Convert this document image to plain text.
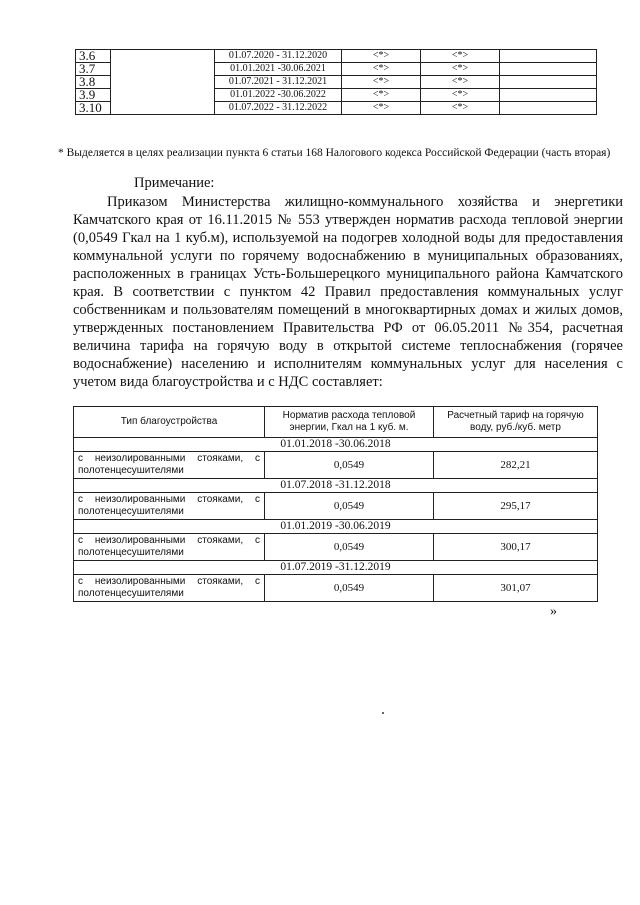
3.6		01.07.2020 - 31.12.2020	<*>	<*>	
3.7		01.01.2021 -30.06.2021	<*>	<*>	
3.8		01.07.2021 - 31.12.2021	<*>	<*>	
3.9		01.01.2022 -30.06.2022	<*>	<*>	
3.10		01.07.2022 - 31.12.2022	<*>	<*>	
* Выделяется в целях реализации пункта 6 статьи 168 Налогового кодекса Российской Федерации (часть вторая)
Примечание:
Приказом Министерства жилищно-коммунального хозяйства и энергетики Камчатского края от 16.11.2015 № 553 утвержден норматив расхода тепловой энергии (0,0549 Гкал на 1 куб.м), используемой на подогрев холодной воды для предоставления коммунальной услуги по горячему водоснабжению в муниципальных образованиях, расположенных в границах Усть-Большерецкого муниципального района Камчатского края. В соответствии с пунктом 42 Правил предоставления коммунальных услуг собственникам и пользователям помещений в многоквартирных домах и жилых домов, утвержденных постановлением Правительства РФ от 06.05.2011 №354, расчетная величина тарифа на горячую воду в открытой системе теплоснабжения (горячее водоснабжение) населению и исполнителям коммунальных услуг для населения с учетом вида благоустройства и с НДС составляет:
Тип благоустройства	Норматив расхода тепловой энергии, Гкал на 1 куб. м.	Расчетный тариф на горячую воду, руб./куб. метр
01.01.2018 -30.06.2018		
с неизолированными стояками, с полотенцесушителями	0,0549	282,21
01.07.2018 -31.12.2018		
с неизолированными стояками, с полотенцесушителями	0,0549	295,17
01.01.2019 -30.06.2019		
с неизолированными стояками, с полотенцесушителями	0,0549	300,17
01.07.2019 -31.12.2019		
с неизолированными стояками, с полотенцесушителями	0,0549	301,07
»
